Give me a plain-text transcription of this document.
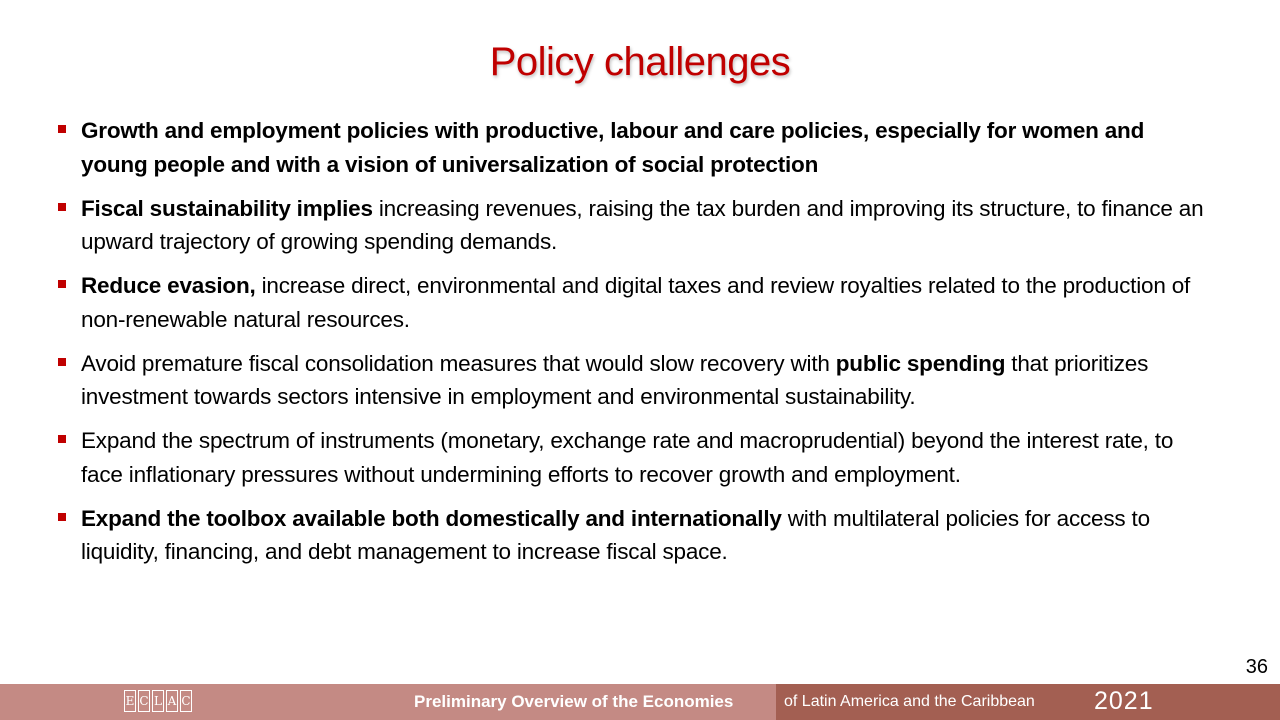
Policy challenges
Growth and employment policies with productive, labour and care policies, especially for women and young people and with a vision of universalization of social protection
Fiscal sustainability implies increasing revenues, raising the tax burden and improving its structure, to finance an upward trajectory of growing spending demands.
Reduce evasion, increase direct, environmental and digital taxes and review royalties related to the production of non-renewable natural resources.
Avoid premature fiscal consolidation measures that would slow recovery with public spending that prioritizes investment towards sectors intensive in employment and environmental sustainability.
Expand the spectrum of instruments (monetary, exchange rate and macroprudential) beyond the interest rate, to face inflationary pressures without undermining efforts to recover growth and employment.
Expand the toolbox available both domestically and internationally with multilateral policies for access to liquidity, financing, and debt management to increase fiscal space.
36
E C L A C	Preliminary Overview of the Economies	of Latin America and the Caribbean 2021
